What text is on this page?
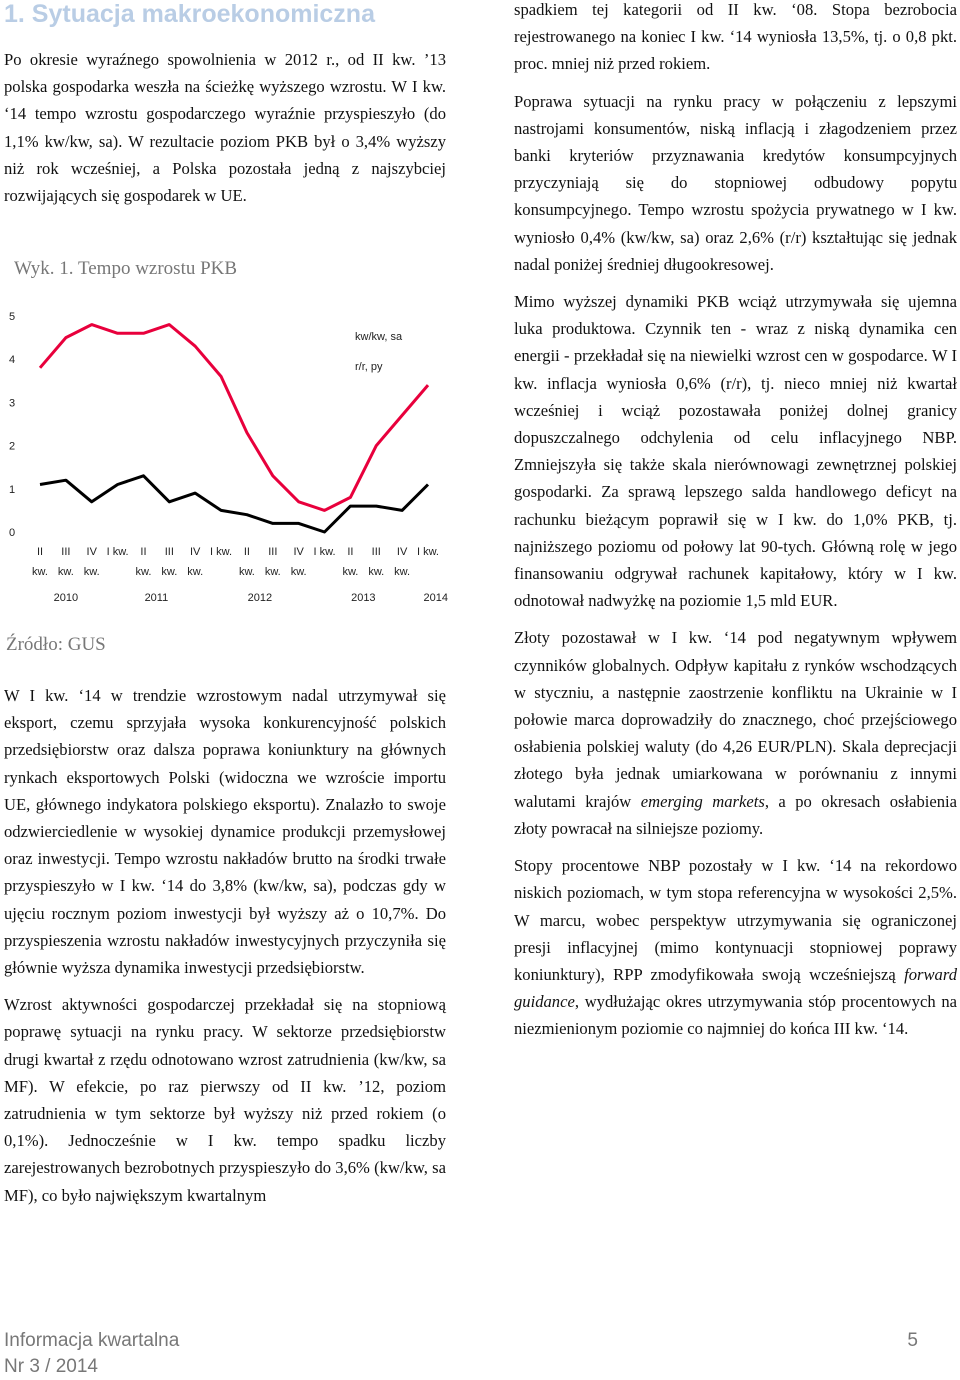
1. Sytuacja makroekonomiczna

Po okresie wyraźnego spowolnienia w 2012 r., od II kw. ’13 polska gospodarka weszła na ścieżkę wyższego wzrostu. W I kw. ‘14 tempo wzrostu gospodarczego wyraźnie przyspieszyło (do 1,1% kw/kw, sa). W rezultacie poziom PKB był o 3,4% wyższy niż rok wcześniej, a Polska pozostała jedną z najszybciej rozwijających się gospodarek w UE.

Wyk. 1. Tempo wzrostu PKB
0
1
2
3
4
5
II
kw.
III
kw.
IV
kw.
I kw. II
kw.
III
kw.
IV
kw.
I kw. II
kw.
III
kw.
IV
kw.
I kw. II
kw.
III
kw.
IV
kw.
I kw.
2010	2011	2012	2013	2014
kw/kw, sa
r/r, py
Źródło: GUS

W I kw. ‘14 w trendzie wzrostowym nadal utrzymywał się eksport, czemu sprzyjała wysoka konkurencyjność polskich przedsiębiorstw oraz dalsza poprawa koniunktury na głównych rynkach eksportowych Polski (widoczna we wzroście importu UE, głównego indykatora polskiego eksportu). Znalazło to swoje odzwierciedlenie w wysokiej dynamice produkcji przemysłowej oraz inwestycji. Tempo wzrostu nakładów brutto na środki trwałe przyspieszyło w I kw. ‘14 do 3,8% (kw/kw, sa), podczas gdy w ujęciu rocznym poziom inwestycji był wyższy aż o 10,7%. Do przyspieszenia wzrostu nakładów inwestycyjnych przyczyniła się głównie wyższa dynamika inwestycji przedsiębiorstw.

Wzrost aktywności gospodarczej przekładał się na stopniową poprawę sytuacji na rynku pracy. W sektorze przedsiębiorstw drugi kwartał z rzędu odnotowano wzrost zatrudnienia (kw/kw, sa MF). W efekcie, po raz pierwszy od II kw. ’12, poziom zatrudnienia w tym sektorze był wyższy niż przed rokiem (o 0,1%). Jednocześnie w I kw. tempo spadku liczby zarejestrowanych bezrobotnych przyspieszyło do 3,6% (kw/kw, sa MF), co było największym kwartalnym

spadkiem tej kategorii od II kw. ‘08. Stopa bezrobocia rejestrowanego na koniec I kw. ‘14 wyniosła 13,5%, tj. o 0,8 pkt. proc. mniej niż przed rokiem.

Poprawa sytuacji na rynku pracy w połączeniu z lepszymi nastrojami konsumentów, niską inflacją i złagodzeniem przez banki kryteriów przyznawania kredytów konsumpcyjnych przyczyniają się do stopniowej odbudowy popytu konsumpcyjnego. Tempo wzrostu spożycia prywatnego w I kw. wyniosło 0,4% (kw/kw, sa) oraz 2,6% (r/r) kształtując się jednak nadal poniżej średniej długookresowej.

Mimo wyższej dynamiki PKB wciąż utrzymywała się ujemna luka produktowa. Czynnik ten - wraz z niską dynamika cen energii - przekładał się na niewielki wzrost cen w gospodarce. W I kw. inflacja wyniosła 0,6% (r/r), tj. nieco mniej niż kwartał wcześniej i wciąż pozostawała poniżej dolnej granicy dopuszczalnego odchylenia od celu inflacyjnego NBP. Zmniejszyła się także skala nierównowagi zewnętrznej polskiej gospodarki. Za sprawą lepszego salda handlowego deficyt na rachunku bieżącym poprawił się w I kw. do 1,0% PKB, tj. najniższego poziomu od połowy lat 90-tych. Główną rolę w jego finansowaniu odgrywał rachunek kapitałowy, który w I kw. odnotował nadwyżkę na poziomie 1,5 mld EUR.

Złoty pozostawał w I kw. ‘14 pod negatywnym wpływem czynników globalnych. Odpływ kapitału z rynków wschodzących w styczniu, a następnie zaostrzenie konfliktu na Ukrainie w I połowie marca doprowadziły do znacznego, choć przejściowego osłabienia polskiej waluty (do 4,26 EUR/PLN). Skala deprecjacji złotego była jednak umiarkowana w porównaniu z innymi walutami krajów emerging markets, a po okresach osłabienia złoty powracał na silniejsze poziomy.

Stopy procentowe NBP pozostały w I kw. ‘14 na rekordowo niskich poziomach, w tym stopa referencyjna w wysokości 2,5%. W marcu, wobec perspektyw utrzymywania się ograniczonej presji inflacyjnej (mimo kontynuacji stopniowej poprawy koniunktury), RPP zmodyfikowała swoją wcześniejszą forward guidance, wydłużając okres utrzymywania stóp procentowych na niezmienionym poziomie co najmniej do końca III kw. ‘14.

Informacja kwartalna
Nr 3 / 2014
5
